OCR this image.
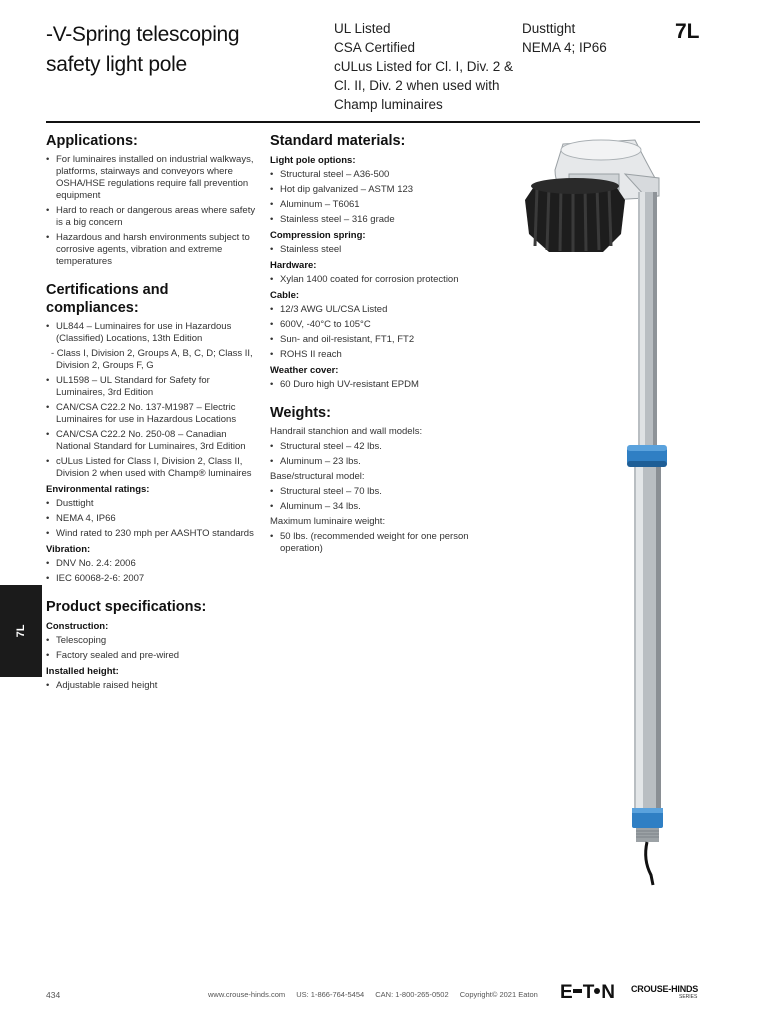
-V-Spring telescoping
safety light pole
UL Listed
CSA Certified
cULus Listed for Cl. I, Div. 2 &
Cl. II, Div. 2 when used with
Champ luminaires
Dusttight
NEMA 4; IP66
7L
Applications:
• For luminaires installed on industrial walkways, platforms, stairways and conveyors where OSHA/HSE regulations require fall prevention equipment
• Hard to reach or dangerous areas where safety is a big concern
• Hazardous and harsh environments subject to corrosive agents, vibration and extreme temperatures
Certifications and compliances:
• UL844 – Luminaires for use in Hazardous (Classified) Locations, 13th Edition
- Class I, Division 2, Groups A, B, C, D; Class II, Division 2, Groups F, G
• UL1598 – UL Standard for Safety for Luminaires, 3rd Edition
• CAN/CSA C22.2 No. 137-M1987 – Electric Luminaires for use in Hazardous Locations
• CAN/CSA C22.2 No. 250-08 – Canadian National Standard for Luminaires, 3rd Edition
• cULus Listed for Class I, Division 2, Class II, Division 2 when used with Champ® luminaires
Environmental ratings:
• Dusttight
• NEMA 4, IP66
• Wind rated to 230 mph per AASHTO standards
Vibration:
• DNV No. 2.4: 2006
• IEC 60068-2-6: 2007
Product specifications:
Construction:
• Telescoping
• Factory sealed and pre-wired
Installed height:
• Adjustable raised height
Standard materials:
Light pole options:
• Structural steel – A36-500
• Hot dip galvanized – ASTM 123
• Aluminum – T6061
• Stainless steel – 316 grade
Compression spring:
• Stainless steel
Hardware:
• Xylan 1400 coated for corrosion protection
Cable:
• 12/3 AWG UL/CSA Listed
• 600V, -40°C to 105°C
• Sun- and oil-resistant, FT1, FT2
• ROHS II reach
Weather cover:
• 60 Duro high UV-resistant EPDM
Weights:
Handrail stanchion and wall models:
• Structural steel – 42 lbs.
• Aluminum – 23 lbs.
Base/structural model:
• Structural steel – 70 lbs.
• Aluminum – 34 lbs.
Maximum luminaire weight:
• 50 lbs. (recommended weight for one person operation)
7L
434	www.crouse-hinds.com US: 1-866-764-5454 CAN: 1-800-265-0502 Copyright© 2021 Eaton	E T N CROUSE-HINDS
SERIES
